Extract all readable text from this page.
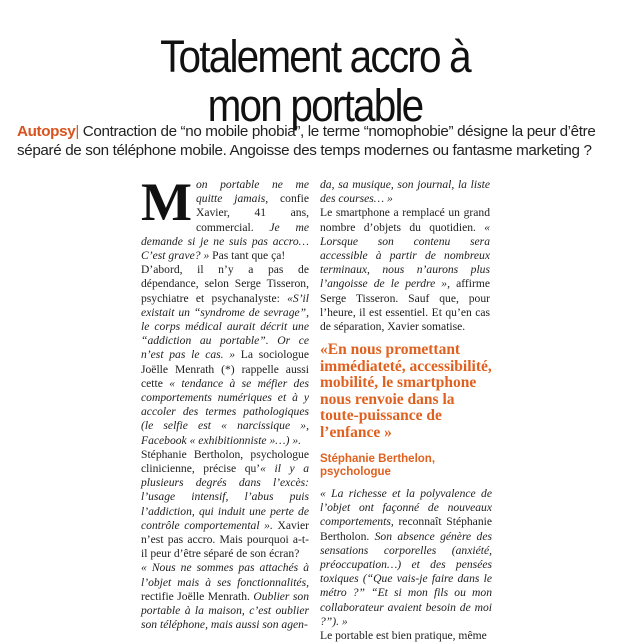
Totalement accro à
mon portable
Autopsy| Contraction de “no mobile phobia”, le terme “nomophobie” désigne la peur d’être séparé de son téléphone mobile. Angoisse des temps modernes ou fantasme marketing ?

Mon portable ne me quitte jamais, confie Xavier, 41 ans, commercial. Je me demande si je ne suis pas accro… C’est grave? » Pas tant que ça!

D’abord, il n’y a pas de dépendance, selon Serge Tisseron, psychiatre et psychanalyste: «S’il existait un “syndrome de sevrage”, le corps médical aurait décrit une “addiction au portable”. Or ce n’est pas le cas. » La sociologue Joëlle Menrath (*) rappelle aussi cette « tendance à se méfier des comportements numériques et à y accoler des termes pathologiques (le selfie est « narcissique », Facebook « exhibitionniste »…) ».

Stéphanie Bertholon, psychologue clinicienne, précise qu’« il y a plusieurs degrés dans l’excès: l’usage intensif, l’abus puis l’addiction, qui induit une perte de contrôle comportemental ». Xavier n’est pas accro. Mais pourquoi a-t-il peur d’être séparé de son écran?

« Nous ne sommes pas attachés à l’objet mais à ses fonctionnalités, rectifie Joëlle Menrath. Oublier son portable à la maison, c’est oublier son téléphone, mais aussi son agen-

da, sa musique, son journal, la liste des courses… »

Le smartphone a remplacé un grand nombre d’objets du quotidien. « Lorsque son contenu sera accessible à partir de nombreux terminaux, nous n’aurons plus l’angoisse de le perdre », affirme Serge Tisseron. Sauf que, pour l’heure, il est essentiel. Et qu’en cas de séparation, Xavier somatise.

«En nous promettant immédiateté, accessibilité, mobilité, le smartphone nous renvoie dans la toute-puissance de l’enfance »
Stéphanie Berthelon,
psychologue

« La richesse et la polyvalence de l’objet ont façonné de nouveaux comportements, reconnaît Stéphanie Bertholon. Son absence génère des sensations corporelles (anxiété, préoccupation…) et des pensées toxiques (“Que vais-je faire dans le métro ?” “Et si mon fils ou mon collaborateur avaient besoin de moi ?”). »

Le portable est bien pratique, même
